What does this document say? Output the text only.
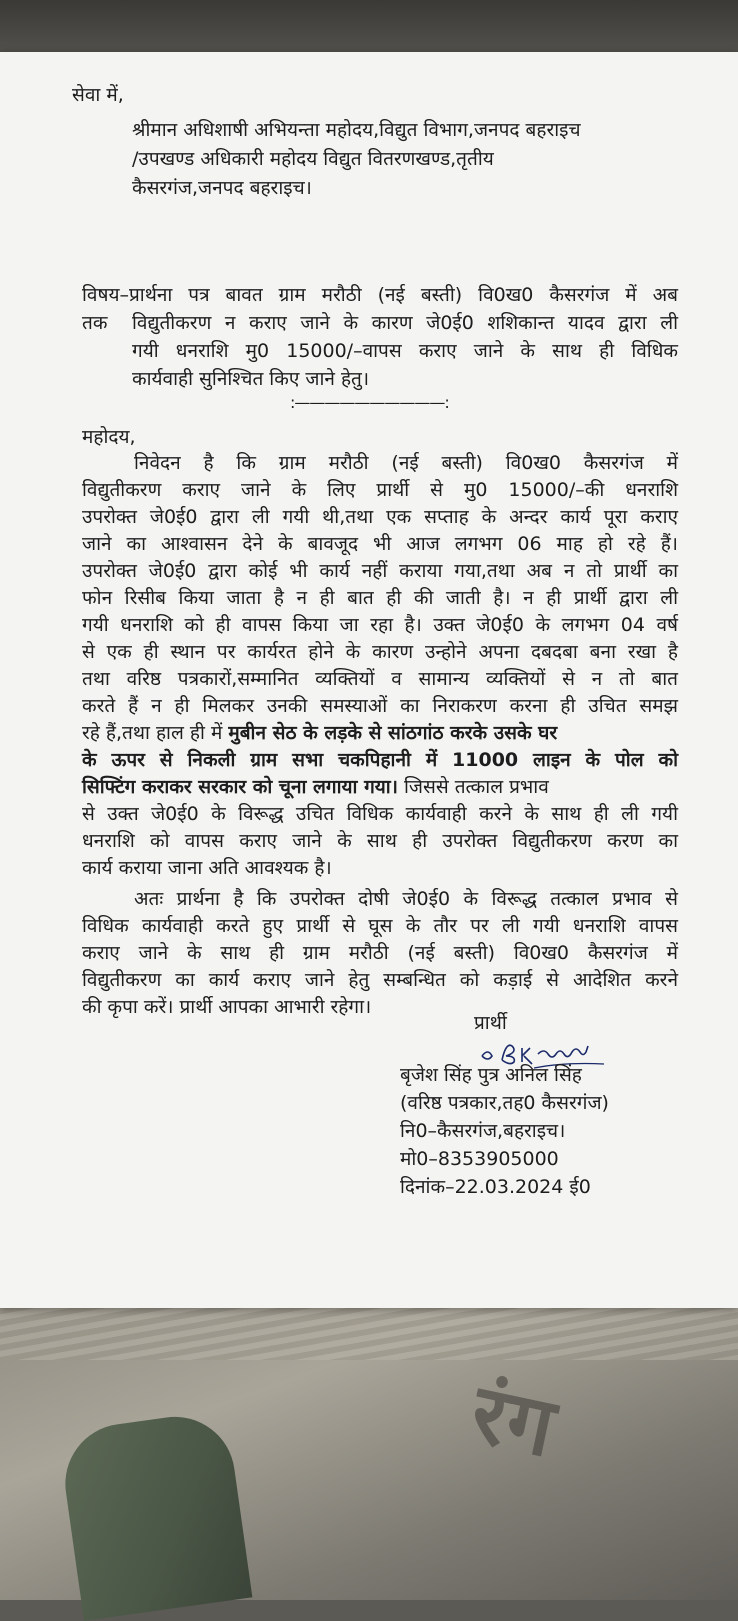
रंग

सेवा में,

श्रीमान अधिशाषी अभियन्ता महोदय,विद्युत विभाग,जनपद बहराइच

/उपखण्ड अधिकारी महोदय विद्युत वितरणखण्ड,तृतीय

कैसरगंज,जनपद बहराइच।

विषय–प्रार्थना पत्र बावत ग्राम मरौठी (नई बस्ती) वि0ख0 कैसरगंज में अब

तक विद्युतीकरण न कराए जाने के कारण जे0ई0 शशिकान्त यादव द्वारा ली

गयी धनराशि मु0 15000/–वापस कराए जाने के साथ ही विधिक

कार्यवाही सुनिश्चित किए जाने हेतु।

:——————————:

महोदय,

निवेदन है कि ग्राम मरौठी (नई बस्ती) वि0ख0 कैसरगंज में

विद्युतीकरण कराए जाने के लिए प्रार्थी से मु0 15000/–की धनराशि

उपरोक्त जे0ई0 द्वारा ली गयी थी,तथा एक सप्ताह के अन्दर कार्य पूरा कराए

जाने का आश्वासन देने के बावजूद भी आज लगभग 06 माह हो रहे हैं।

उपरोक्त जे0ई0 द्वारा कोई भी कार्य नहीं कराया गया,तथा अब न तो प्रार्थी का

फोन रिसीब किया जाता है न ही बात ही की जाती है। न ही प्रार्थी द्वारा ली

गयी धनराशि को ही वापस किया जा रहा है। उक्त जे0ई0 के लगभग 04 वर्ष

से एक ही स्थान पर कार्यरत होने के कारण उन्होने अपना दबदबा बना रखा है

तथा वरिष्ठ पत्रकारों,सम्मानित व्यक्तियों व सामान्य व्यक्तियों से न तो बात

करते हैं न ही मिलकर उनकी समस्याओं का निराकरण करना ही उचित समझ

रहे हैं,तथा हाल ही में मुबीन सेठ के लड़के से सांठगांठ करके उसके घर

के ऊपर से निकली ग्राम सभा चकपिहानी में 11000 लाइन के पोल को

सिफ्टिंग कराकर सरकार को चूना लगाया गया। जिससे तत्काल प्रभाव

से उक्त जे0ई0 के विरूद्ध उचित विधिक कार्यवाही करने के साथ ही ली गयी

धनराशि को वापस कराए जाने के साथ ही उपरोक्त विद्युतीकरण करण का

कार्य कराया जाना अति आवश्यक है।

अतः प्रार्थना है कि उपरोक्त दोषी जे0ई0 के विरूद्ध तत्काल प्रभाव से

विधिक कार्यवाही करते हुए प्रार्थी से घूस के तौर पर ली गयी धनराशि वापस

कराए जाने के साथ ही ग्राम मरौठी (नई बस्ती) वि0ख0 कैसरगंज में

विद्युतीकरण का कार्य कराए जाने हेतु सम्बन्धित को कड़ाई से आदेशित करने

की कृपा करें। प्रार्थी आपका आभारी रहेगा।

प्रार्थी

बृजेश सिंह पुत्र अनिल सिंह

(वरिष्ठ पत्रकार,तह0 कैसरगंज)

नि0–कैसरगंज,बहराइच।

मो0–8353905000

दिनांक–22.03.2024 ई0
